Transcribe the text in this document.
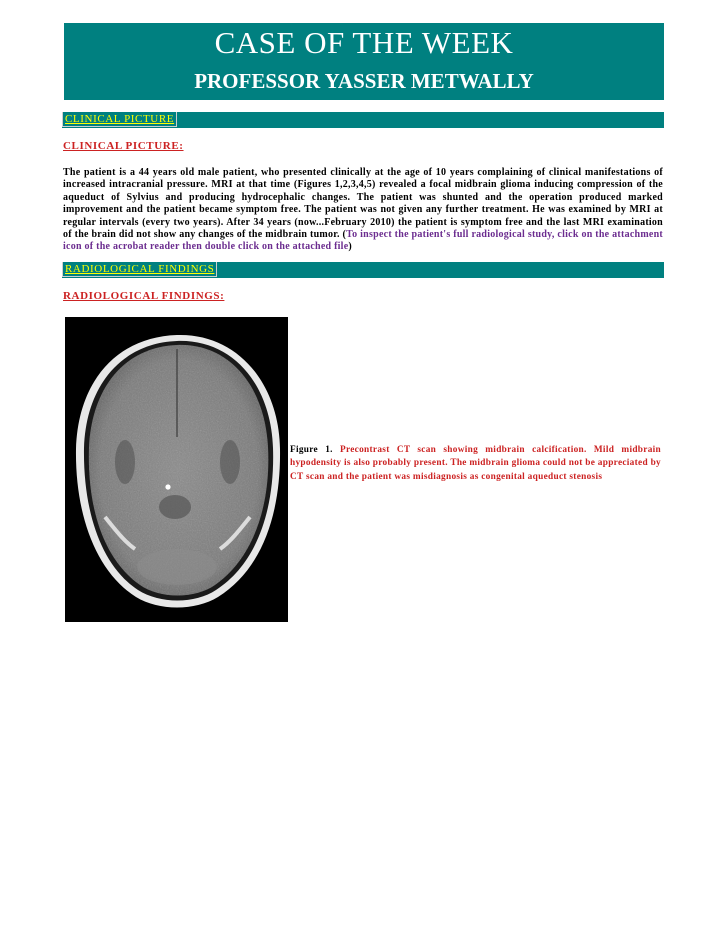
CASE OF THE WEEK
PROFESSOR YASSER METWALLY
CLINICAL PICTURE
CLINICAL PICTURE:
The patient is a 44 years old male patient, who presented clinically at the age of 10 years complaining of clinical manifestations of increased intracranial pressure. MRI at that time (Figures 1,2,3,4,5) revealed a focal midbrain glioma inducing compression of the aqueduct of Sylvius and producing hydrocephalic changes. The patient was shunted and the operation produced marked improvement and the patient became symptom free. The patient was not given any further treatment. He was examined by MRI at regular intervals (every two years). After 34 years (now...February 2010) the patient is symptom free and the last MRI examination of the brain did not show any changes of the midbrain tumor. (To inspect the patient's full radiological study, click on the attachment icon of the acrobat reader then double click on the attached file)
RADIOLOGICAL FINDINGS
RADIOLOGICAL FINDINGS:
Figure 1. Precontrast CT scan showing midbrain calcification. Mild midbrain hypodensity is also probably present. The midbrain glioma could not be appreciated by CT scan and the patient was misdiagnosis as congenital aqueduct stenosis
